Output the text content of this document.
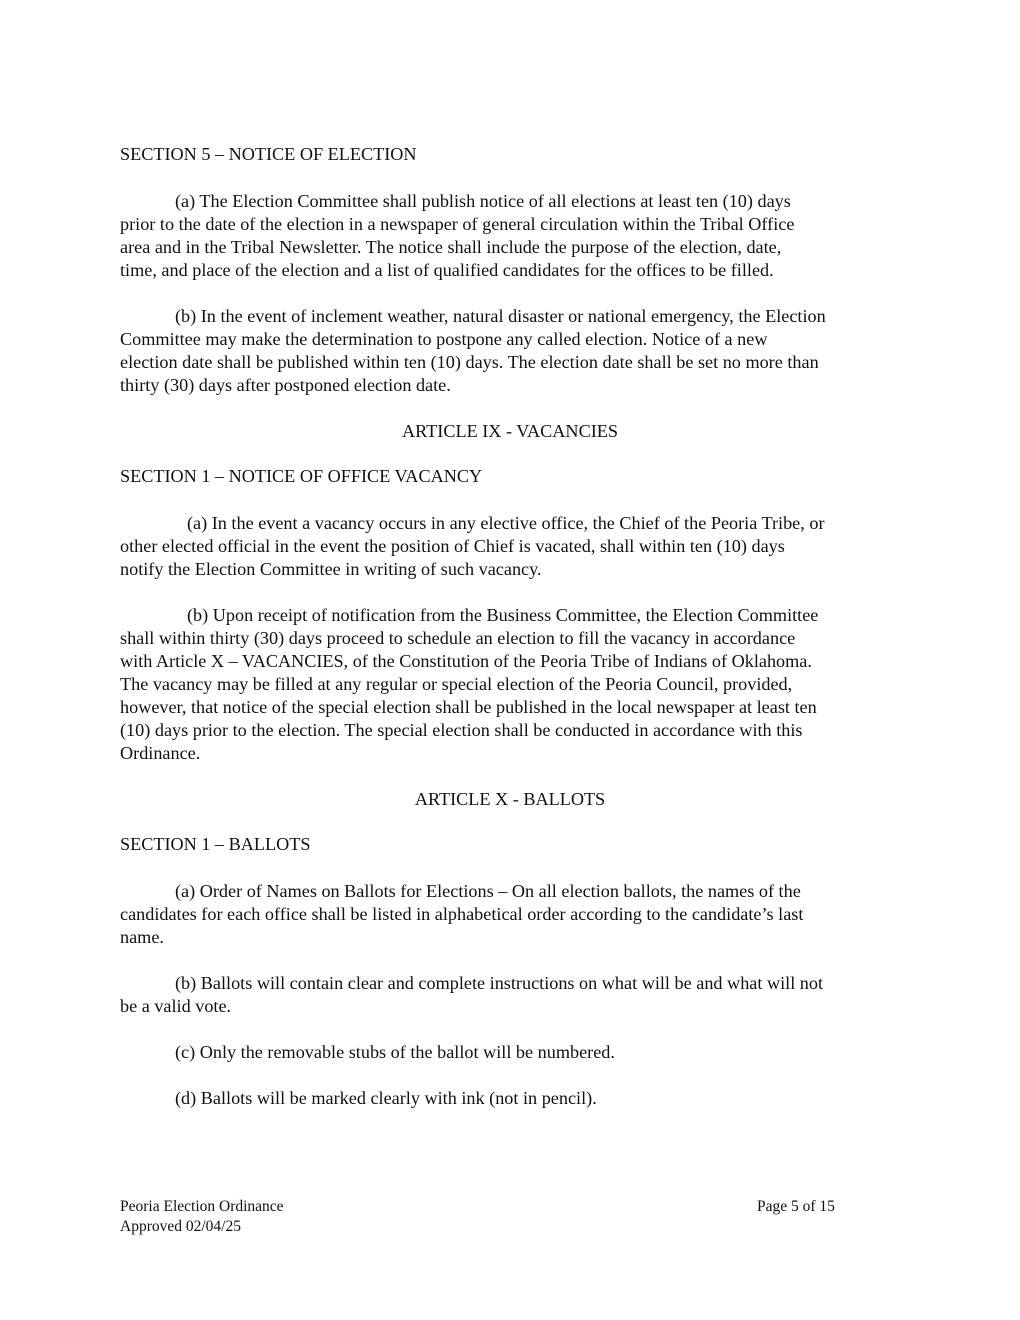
SECTION 5 – NOTICE OF ELECTION
(a) The Election Committee shall publish notice of all elections at least ten (10) days
prior to the date of the election in a newspaper of general circulation within the Tribal Office
area and in the Tribal Newsletter. The notice shall include the purpose of the election, date,
time, and place of the election and a list of qualified candidates for the offices to be filled.
(b) In the event of inclement weather, natural disaster or national emergency, the Election
Committee may make the determination to postpone any called election. Notice of a new
election date shall be published within ten (10) days. The election date shall be set no more than
thirty (30) days after postponed election date.
ARTICLE IX - VACANCIES
SECTION 1 – NOTICE OF OFFICE VACANCY
(a) In the event a vacancy occurs in any elective office, the Chief of the Peoria Tribe, or
other elected official in the event the position of Chief is vacated, shall within ten (10) days
notify the Election Committee in writing of such vacancy.
(b) Upon receipt of notification from the Business Committee, the Election Committee
shall within thirty (30) days proceed to schedule an election to fill the vacancy in accordance
with Article X – VACANCIES, of the Constitution of the Peoria Tribe of Indians of Oklahoma.
The vacancy may be filled at any regular or special election of the Peoria Council, provided,
however, that notice of the special election shall be published in the local newspaper at least ten
(10) days prior to the election. The special election shall be conducted in accordance with this
Ordinance.
ARTICLE X - BALLOTS
SECTION 1 – BALLOTS
(a) Order of Names on Ballots for Elections – On all election ballots, the names of the
candidates for each office shall be listed in alphabetical order according to the candidate’s last
name.
(b) Ballots will contain clear and complete instructions on what will be and what will not
be a valid vote.
(c) Only the removable stubs of the ballot will be numbered.
(d) Ballots will be marked clearly with ink (not in pencil).
Peoria Election Ordinance
Approved 02/04/25
Page 5 of 15
